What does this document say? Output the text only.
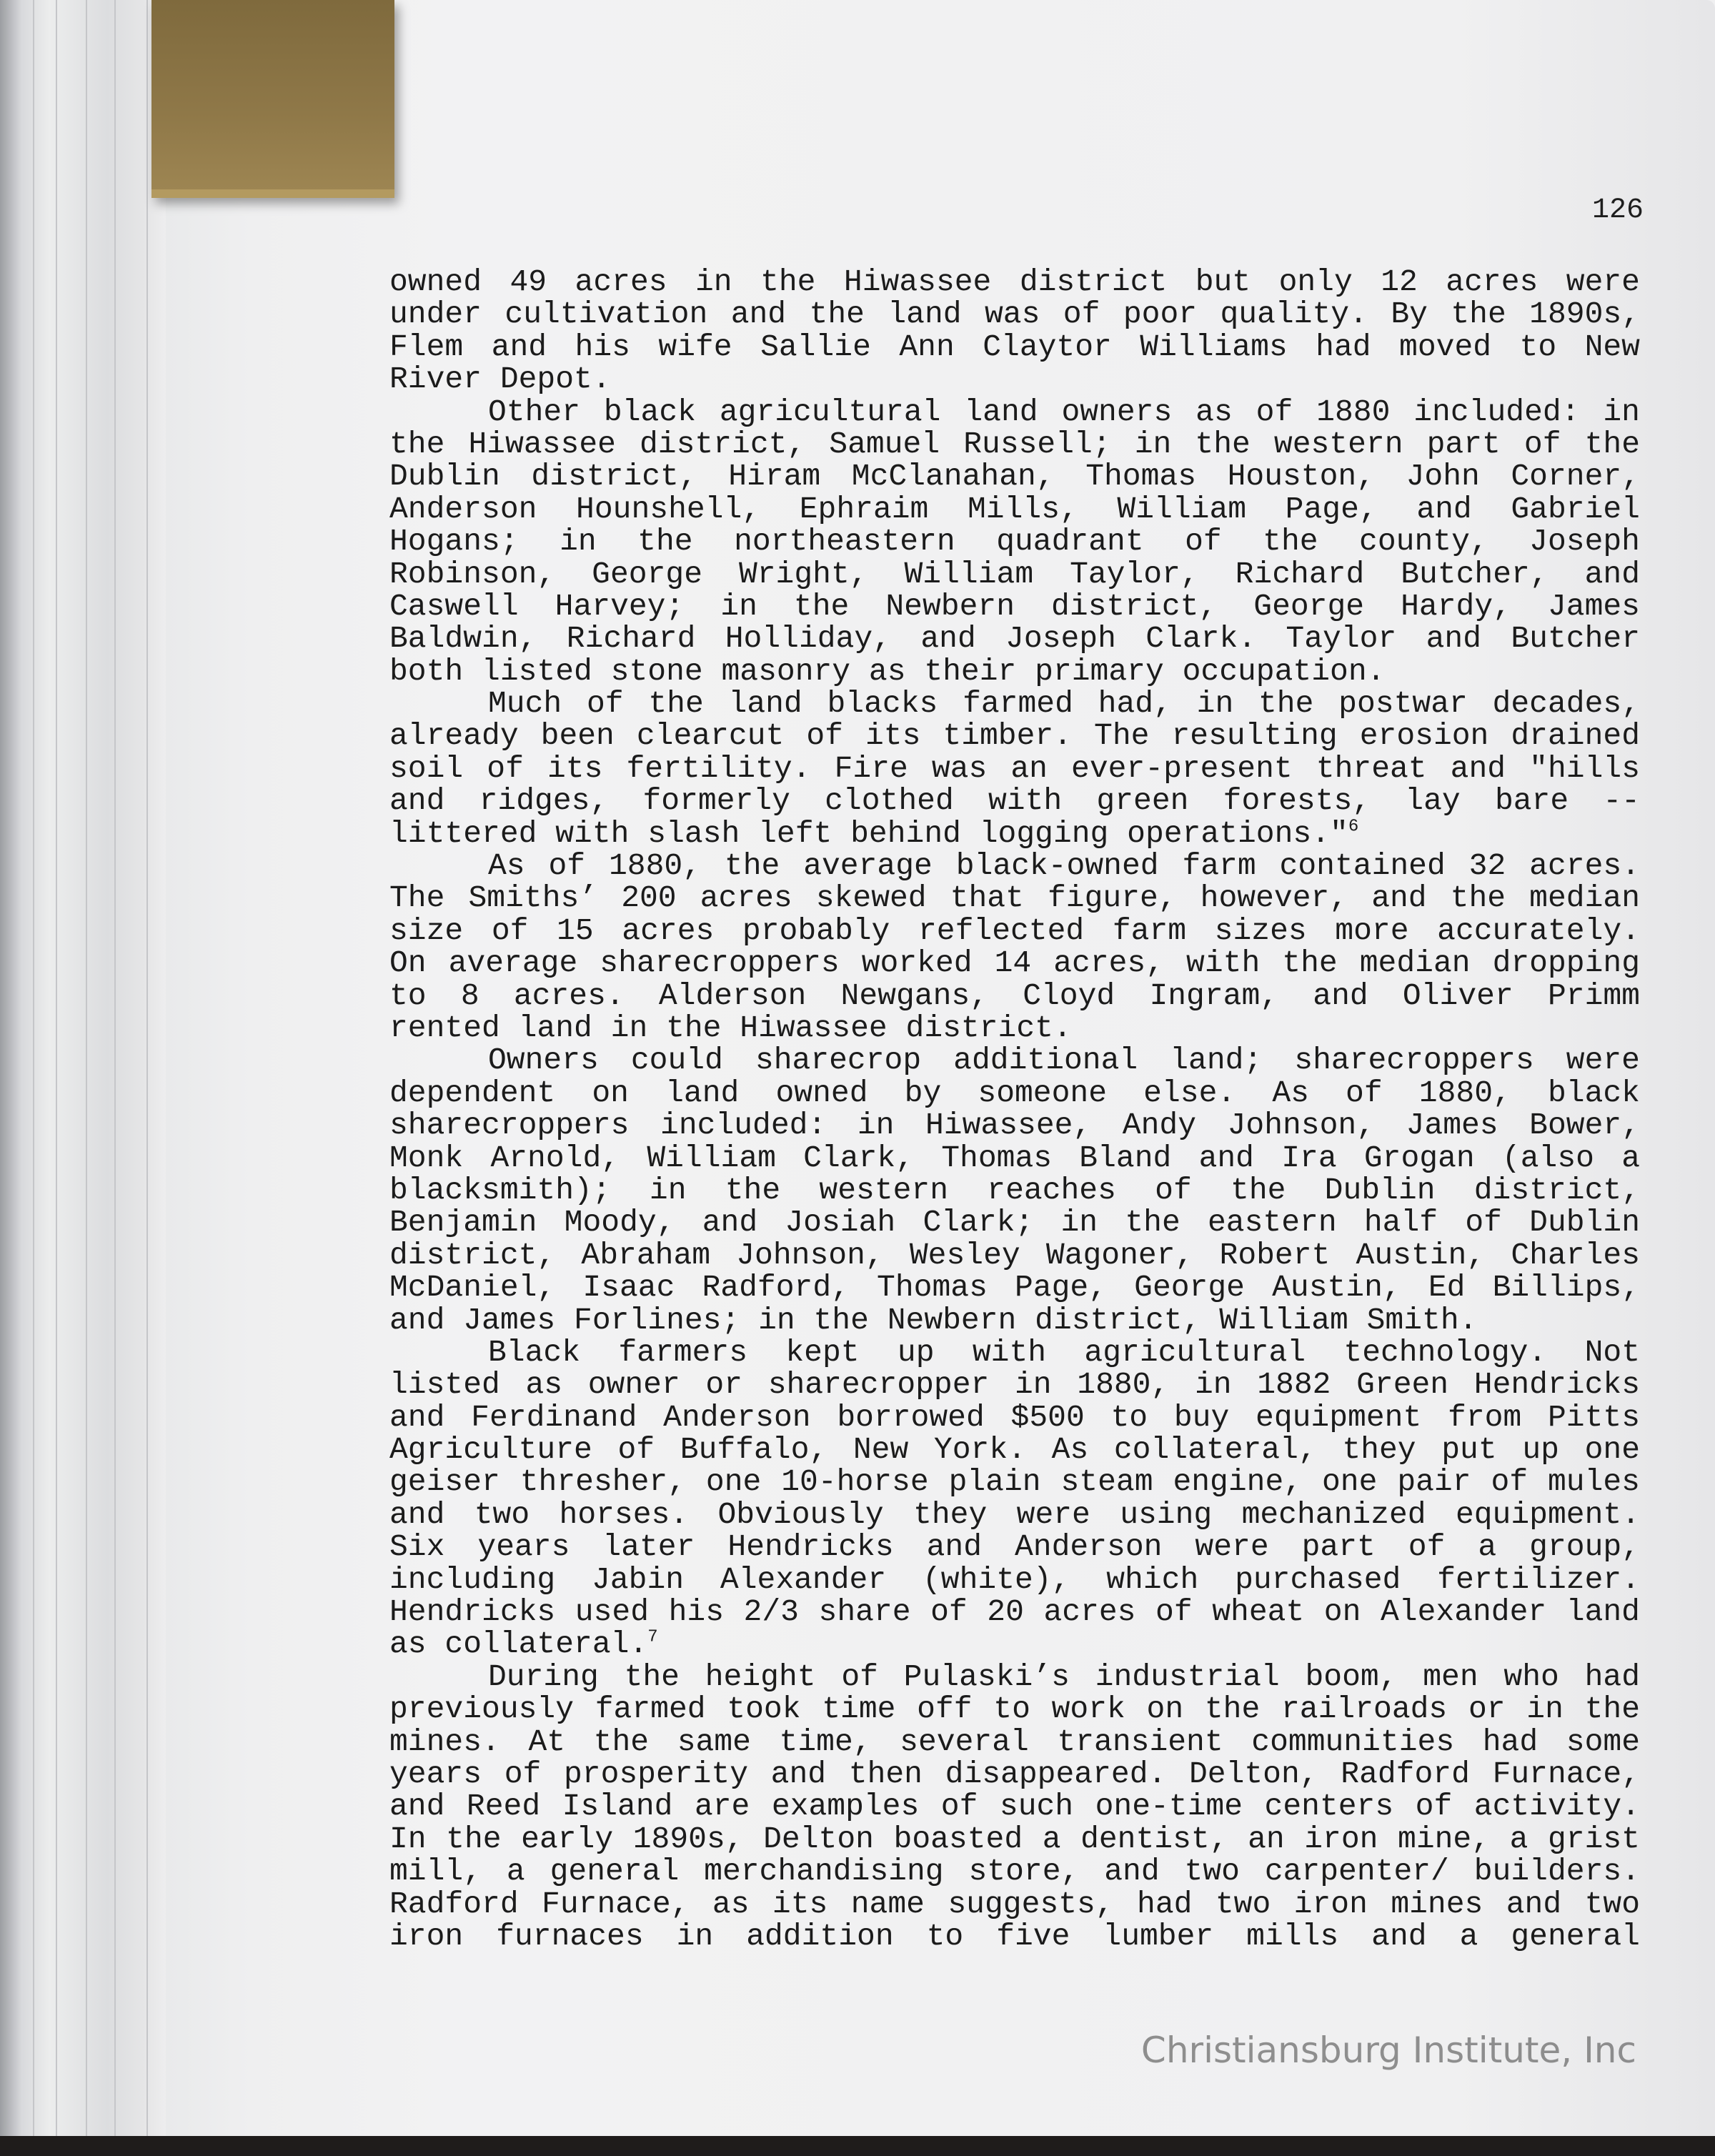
126
owned 49 acres in the Hiwassee district but only 12 acres were
under cultivation and the land was of poor quality. By the 1890s,
Flem and his wife Sallie Ann Claytor Williams had moved to New
River Depot.
Other black agricultural land owners as of 1880 included: in
the Hiwassee district, Samuel Russell; in the western part of the
Dublin district, Hiram McClanahan, Thomas Houston, John Corner,
Anderson Hounshell, Ephraim Mills, William Page, and Gabriel
Hogans; in the northeastern quadrant of the county, Joseph
Robinson, George Wright, William Taylor, Richard Butcher, and
Caswell Harvey; in the Newbern district, George Hardy, James
Baldwin, Richard Holliday, and Joseph Clark. Taylor and Butcher
both listed stone masonry as their primary occupation.
Much of the land blacks farmed had, in the postwar decades,
already been clearcut of its timber. The resulting erosion drained
soil of its fertility. Fire was an ever-present threat and "hills
and ridges, formerly clothed with green forests, lay bare --
littered with slash left behind logging operations."$^6$
As of 1880, the average black-owned farm contained 32 acres.
The Smiths’ 200 acres skewed that figure, however, and the median
size of 15 acres probably reflected farm sizes more accurately.
On average sharecroppers worked 14 acres, with the median dropping
to 8 acres. Alderson Newgans, Cloyd Ingram, and Oliver Primm
rented land in the Hiwassee district.
Owners could sharecrop additional land; sharecroppers were
dependent on land owned by someone else. As of 1880, black
sharecroppers included: in Hiwassee, Andy Johnson, James Bower,
Monk Arnold, William Clark, Thomas Bland and Ira Grogan (also a
blacksmith); in the western reaches of the Dublin district,
Benjamin Moody, and Josiah Clark; in the eastern half of Dublin
district, Abraham Johnson, Wesley Wagoner, Robert Austin, Charles
McDaniel, Isaac Radford, Thomas Page, George Austin, Ed Billips,
and James Forlines; in the Newbern district, William Smith.
Black farmers kept up with agricultural technology. Not
listed as owner or sharecropper in 1880, in 1882 Green Hendricks
and Ferdinand Anderson borrowed $500 to buy equipment from Pitts
Agriculture of Buffalo, New York. As collateral, they put up one
geiser thresher, one 10-horse plain steam engine, one pair of mules
and two horses. Obviously they were using mechanized equipment.
Six years later Hendricks and Anderson were part of a group,
including Jabin Alexander (white), which purchased fertilizer.
Hendricks used his 2/3 share of 20 acres of wheat on Alexander land
as collateral.$^7$
During the height of Pulaski’s industrial boom, men who had
previously farmed took time off to work on the railroads or in the
mines. At the same time, several transient communities had some
years of prosperity and then disappeared. Delton, Radford Furnace,
and Reed Island are examples of such one-time centers of activity.
In the early 1890s, Delton boasted a dentist, an iron mine, a grist
mill, a general merchandising store, and two carpenter/ builders.
Radford Furnace, as its name suggests, had two iron mines and two
iron furnaces in addition to five lumber mills and a general
Christiansburg Institute, Inc
